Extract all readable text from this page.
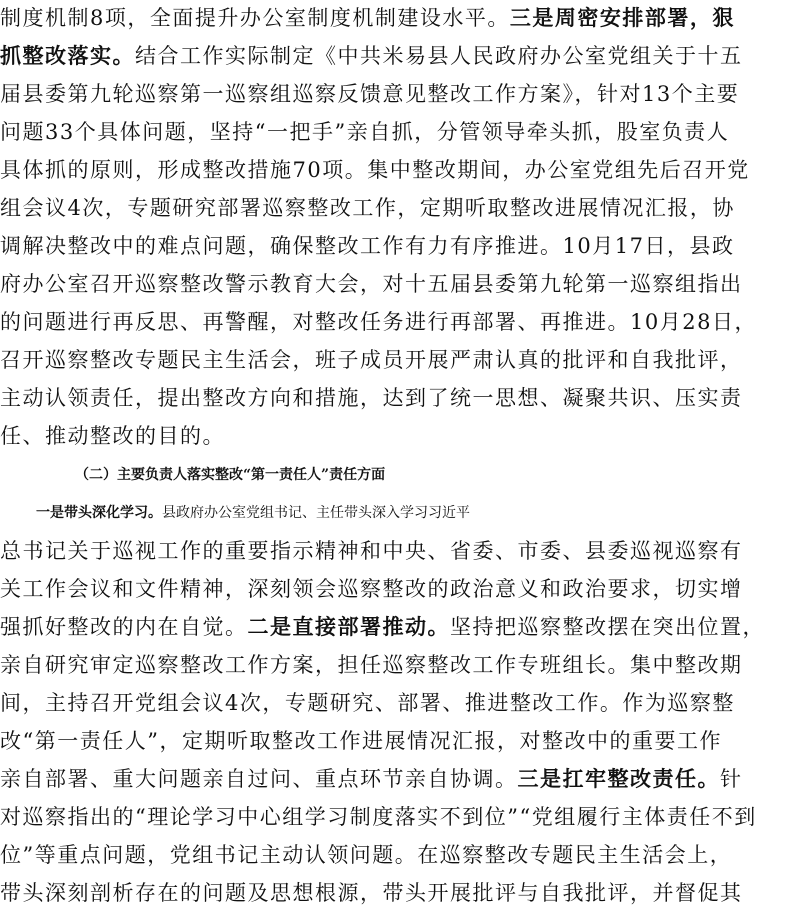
制度机制8项，全面提升办公室制度机制建设水平。三是周密安排部署，狠
抓整改落实。结合工作实际制定《中共米易县人民政府办公室党组关于十五
届县委第九轮巡察第一巡察组巡察反馈意见整改工作方案》，针对13个主要
问题33个具体问题，坚持“一把手”亲自抓，分管领导牵头抓，股室负责人
具体抓的原则，形成整改措施70项。集中整改期间，办公室党组先后召开党
组会议4次，专题研究部署巡察整改工作，定期听取整改进展情况汇报，协
调解决整改中的难点问题，确保整改工作有力有序推进。10月17日，县政
府办公室召开巡察整改警示教育大会，对十五届县委第九轮第一巡察组指出
的问题进行再反思、再警醒，对整改任务进行再部署、再推进。10月28日，
召开巡察整改专题民主生活会，班子成员开展严肃认真的批评和自我批评，
主动认领责任，提出整改方向和措施，达到了统一思想、凝聚共识、压实责
任、推动整改的目的。
（二）主要负责人落实整改“第一责任人”责任方面
一是带头深化学习。县政府办公室党组书记、主任带头深入学习习近平
总书记关于巡视工作的重要指示精神和中央、省委、市委、县委巡视巡察有
关工作会议和文件精神，深刻领会巡察整改的政治意义和政治要求，切实增
强抓好整改的内在自觉。二是直接部署推动。坚持把巡察整改摆在突出位置，
亲自研究审定巡察整改工作方案，担任巡察整改工作专班组长。集中整改期
间，主持召开党组会议4次，专题研究、部署、推进整改工作。作为巡察整
改“第一责任人”，定期听取整改工作进展情况汇报，对整改中的重要工作
亲自部署、重大问题亲自过问、重点环节亲自协调。三是扛牢整改责任。针
对巡察指出的“理论学习中心组学习制度落实不到位”“党组履行主体责任不到
位”等重点问题，党组书记主动认领问题。在巡察整改专题民主生活会上，
带头深刻剖析存在的问题及思想根源，带头开展批评与自我批评，并督促其
